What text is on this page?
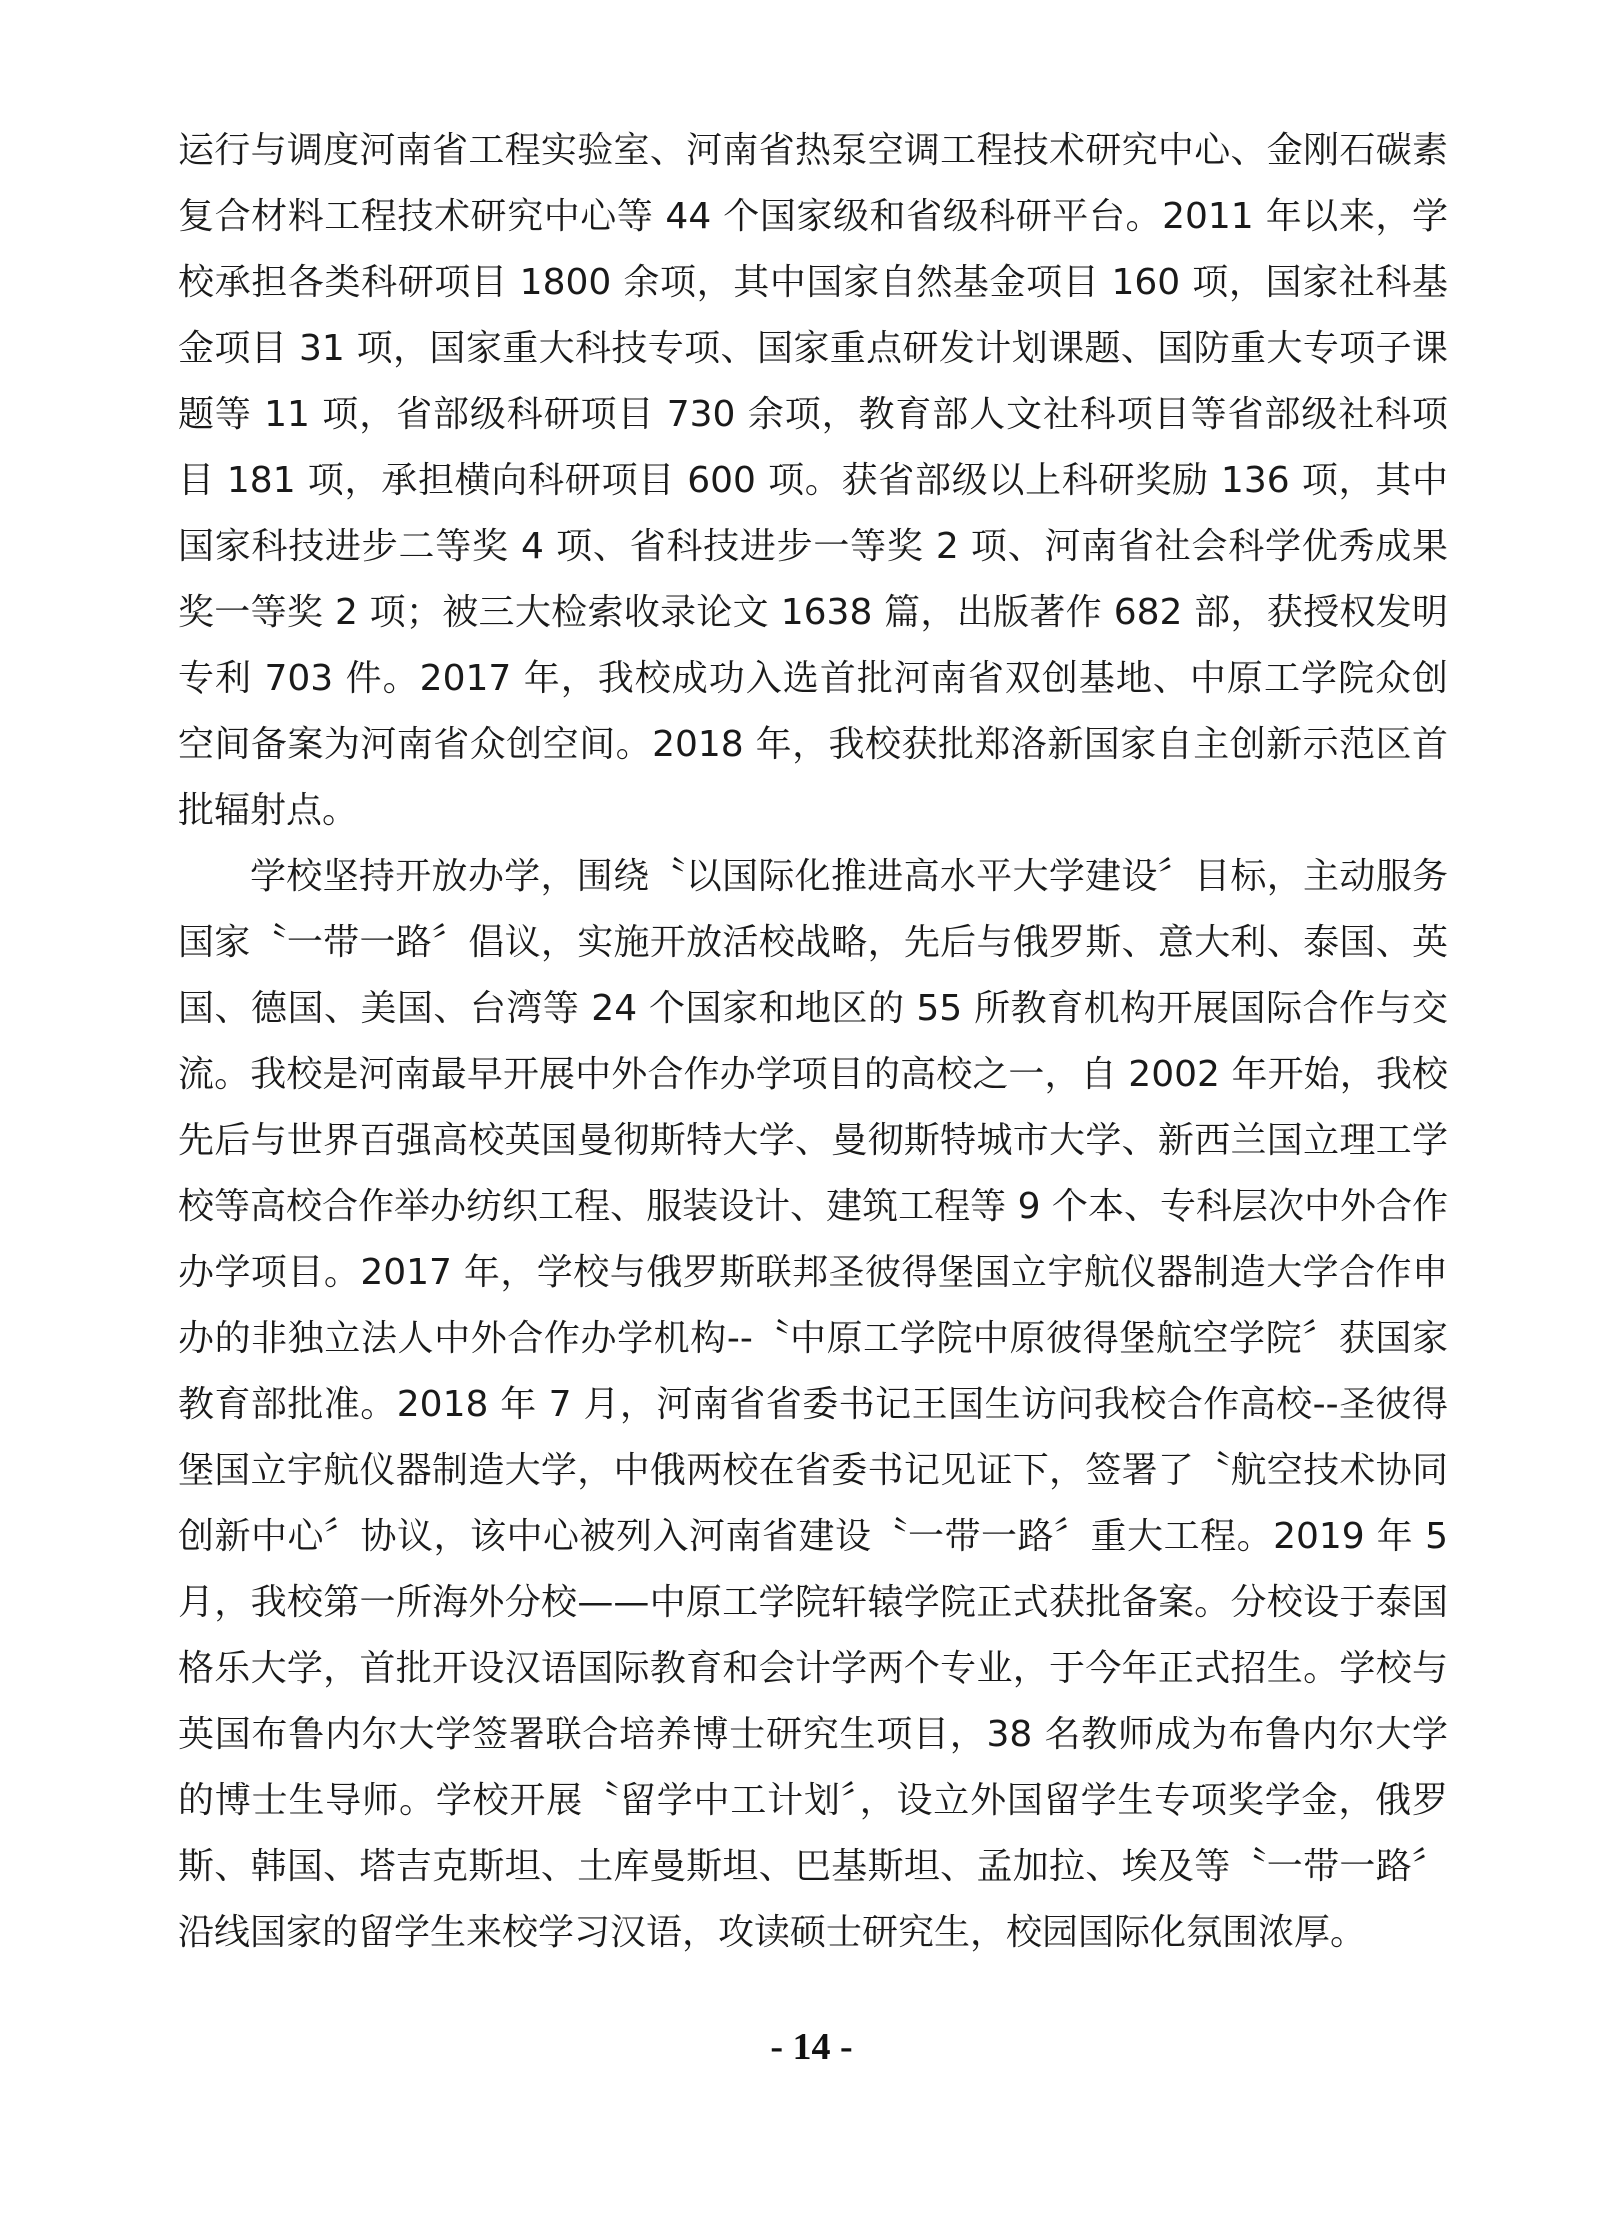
运行与调度河南省工程实验室、河南省热泵空调工程技术研究中心、金刚石碳素复合材料工程技术研究中心等 44 个国家级和省级科研平台。2011 年以来，学校承担各类科研项目 1800 余项，其中国家自然基金项目 160 项，国家社科基金项目 31 项，国家重大科技专项、国家重点研发计划课题、国防重大专项子课题等 11 项，省部级科研项目 730 余项，教育部人文社科项目等省部级社科项目 181 项，承担横向科研项目 600 项。获省部级以上科研奖励 136 项，其中国家科技进步二等奖 4 项、省科技进步一等奖 2 项、河南省社会科学优秀成果奖一等奖 2 项；被三大检索收录论文 1638 篇，出版著作 682 部，获授权发明专利 703 件。2017 年，我校成功入选首批河南省双创基地、中原工学院众创空间备案为河南省众创空间。2018 年，我校获批郑洛新国家自主创新示范区首批辐射点。

学校坚持开放办学，围绕〝以国际化推进高水平大学建设〞目标，主动服务国家〝一带一路〞倡议，实施开放活校战略，先后与俄罗斯、意大利、泰国、英国、德国、美国、台湾等 24 个国家和地区的 55 所教育机构开展国际合作与交流。我校是河南最早开展中外合作办学项目的高校之一，自 2002 年开始，我校先后与世界百强高校英国曼彻斯特大学、曼彻斯特城市大学、新西兰国立理工学校等高校合作举办纺织工程、服装设计、建筑工程等 9 个本、专科层次中外合作办学项目。2017 年，学校与俄罗斯联邦圣彼得堡国立宇航仪器制造大学合作申办的非独立法人中外合作办学机构--〝中原工学院中原彼得堡航空学院〞获国家教育部批准。2018 年 7 月，河南省省委书记王国生访问我校合作高校--圣彼得堡国立宇航仪器制造大学，中俄两校在省委书记见证下，签署了〝航空技术协同创新中心〞协议，该中心被列入河南省建设〝一带一路〞重大工程。2019 年 5 月，我校第一所海外分校——中原工学院轩辕学院正式获批备案。分校设于泰国格乐大学，首批开设汉语国际教育和会计学两个专业，于今年正式招生。学校与英国布鲁内尔大学签署联合培养博士研究生项目，38 名教师成为布鲁内尔大学的博士生导师。学校开展〝留学中工计划〞，设立外国留学生专项奖学金，俄罗斯、韩国、塔吉克斯坦、土库曼斯坦、巴基斯坦、孟加拉、埃及等〝一带一路〞沿线国家的留学生来校学习汉语，攻读硕士研究生，校园国际化氛围浓厚。

- 14 -
